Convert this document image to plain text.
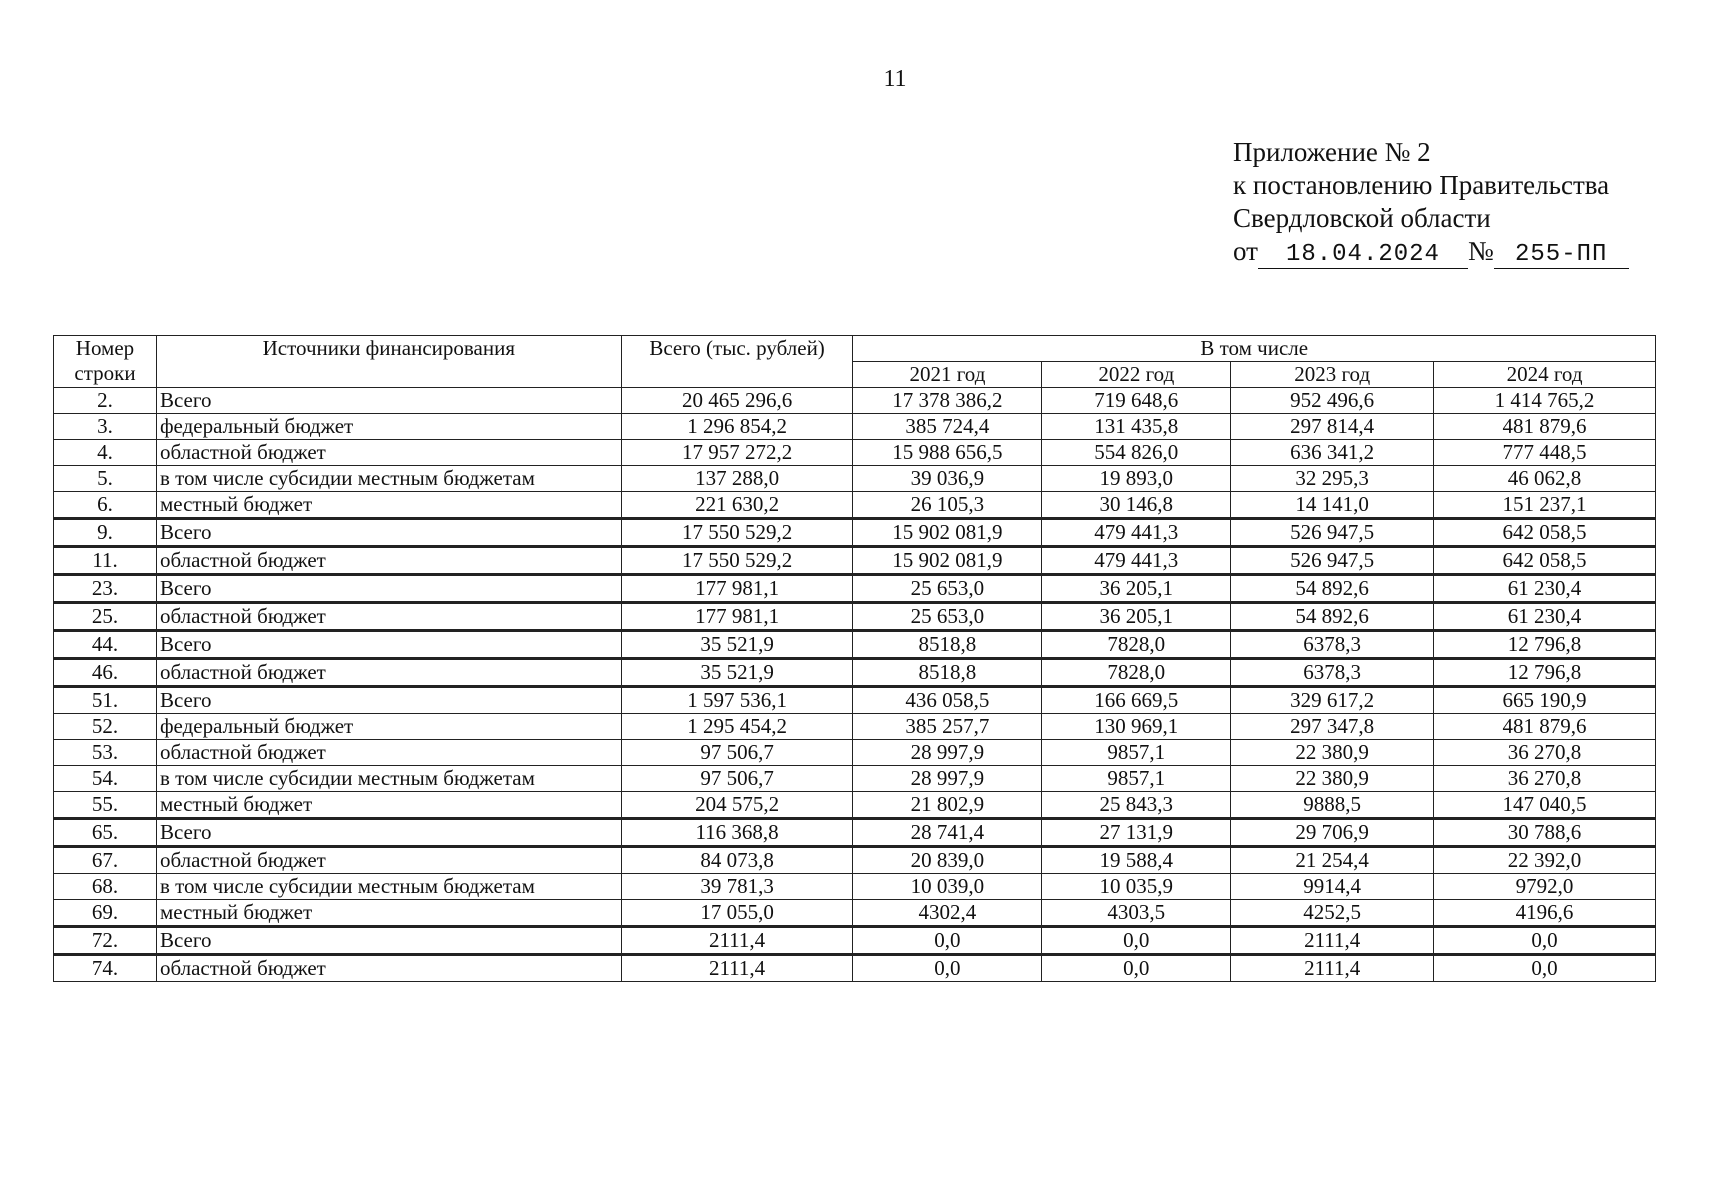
11
Приложение № 2
к постановлению Правительства
Свердловской области
от 18.04.2024 № 255-ПП
Номер строки	Источники финансирования	Всего (тыс. рублей)	В том числе			
			2021 год	2022 год	2023 год	2024 год
2.	Всего	20 465 296,6	17 378 386,2	719 648,6	952 496,6	1 414 765,2
3.	федеральный бюджет	1 296 854,2	385 724,4	131 435,8	297 814,4	481 879,6
4.	областной бюджет	17 957 272,2	15 988 656,5	554 826,0	636 341,2	777 448,5
5.	в том числе субсидии местным бюджетам	137 288,0	39 036,9	19 893,0	32 295,3	46 062,8
6.	местный бюджет	221 630,2	26 105,3	30 146,8	14 141,0	151 237,1
9.	Всего	17 550 529,2	15 902 081,9	479 441,3	526 947,5	642 058,5
11.	областной бюджет	17 550 529,2	15 902 081,9	479 441,3	526 947,5	642 058,5
23.	Всего	177 981,1	25 653,0	36 205,1	54 892,6	61 230,4
25.	областной бюджет	177 981,1	25 653,0	36 205,1	54 892,6	61 230,4
44.	Всего	35 521,9	8518,8	7828,0	6378,3	12 796,8
46.	областной бюджет	35 521,9	8518,8	7828,0	6378,3	12 796,8
51.	Всего	1 597 536,1	436 058,5	166 669,5	329 617,2	665 190,9
52.	федеральный бюджет	1 295 454,2	385 257,7	130 969,1	297 347,8	481 879,6
53.	областной бюджет	97 506,7	28 997,9	9857,1	22 380,9	36 270,8
54.	в том числе субсидии местным бюджетам	97 506,7	28 997,9	9857,1	22 380,9	36 270,8
55.	местный бюджет	204 575,2	21 802,9	25 843,3	9888,5	147 040,5
65.	Всего	116 368,8	28 741,4	27 131,9	29 706,9	30 788,6
67.	областной бюджет	84 073,8	20 839,0	19 588,4	21 254,4	22 392,0
68.	в том числе субсидии местным бюджетам	39 781,3	10 039,0	10 035,9	9914,4	9792,0
69.	местный бюджет	17 055,0	4302,4	4303,5	4252,5	4196,6
72.	Всего	2111,4	0,0	0,0	2111,4	0,0
74.	областной бюджет	2111,4	0,0	0,0	2111,4	0,0
